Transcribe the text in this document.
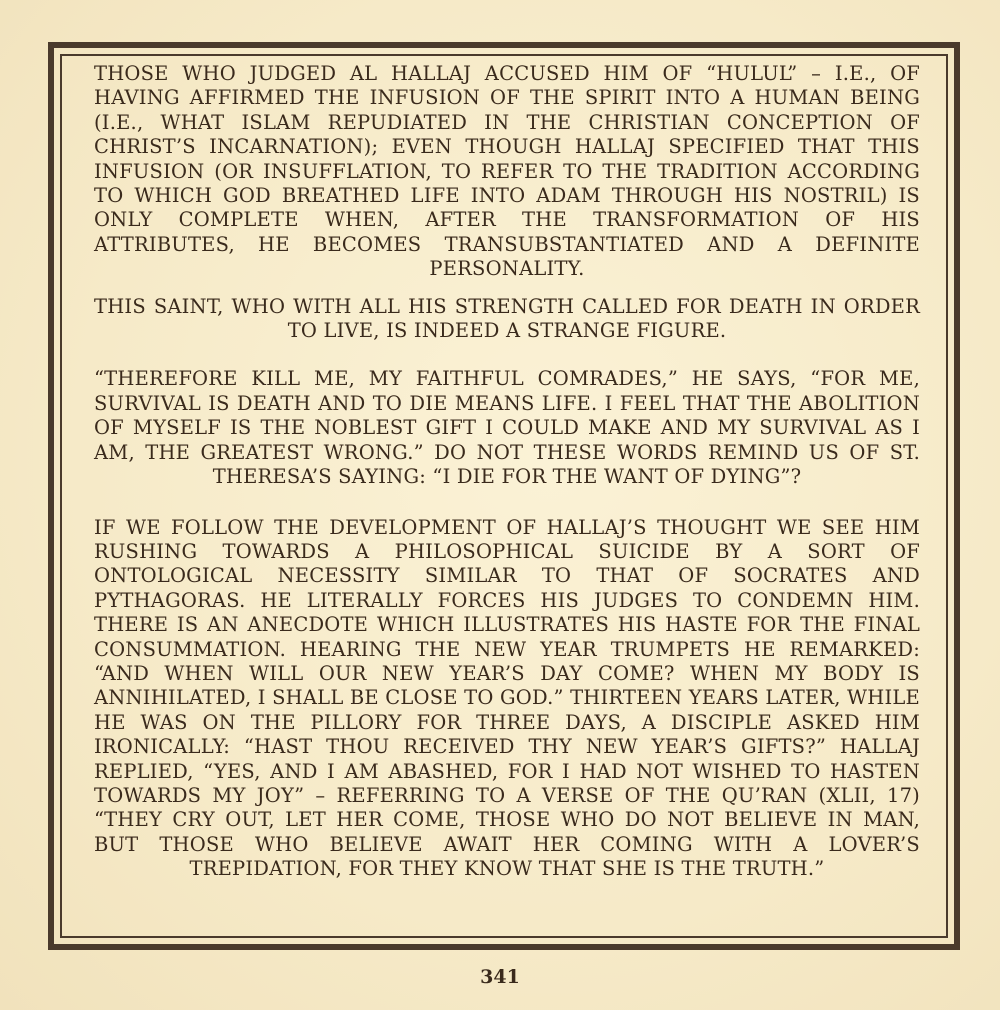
THOSE WHO JUDGED AL HALLAJ ACCUSED HIM OF “HULUL” – I.E., OF HAVING AFFIRMED THE INFUSION OF THE SPIRIT INTO A HUMAN BEING (I.E., WHAT ISLAM REPUDIATED IN THE CHRISTIAN CONCEPTION OF CHRIST’S INCARNATION); EVEN THOUGH HALLAJ SPECIFIED THAT THIS INFUSION (OR INSUFFLATION, TO REFER TO THE TRADITION ACCORDING TO WHICH GOD BREATHED LIFE INTO ADAM THROUGH HIS NOSTRIL) IS ONLY COMPLETE WHEN, AFTER THE TRANSFORMATION OF HIS ATTRIBUTES, HE BECOMES TRANSUBSTANTIATED AND A DEFINITE PERSONALITY.

THIS SAINT, WHO WITH ALL HIS STRENGTH CALLED FOR DEATH IN ORDER TO LIVE, IS INDEED A STRANGE FIGURE.

“THEREFORE KILL ME, MY FAITHFUL COMRADES,” HE SAYS, “FOR ME, SURVIVAL IS DEATH AND TO DIE MEANS LIFE. I FEEL THAT THE ABOLITION OF MYSELF IS THE NOBLEST GIFT I COULD MAKE AND MY SURVIVAL AS I AM, THE GREATEST WRONG.” DO NOT THESE WORDS REMIND US OF ST. THERESA’S SAYING: “I DIE FOR THE WANT OF DYING”?

IF WE FOLLOW THE DEVELOPMENT OF HALLAJ’S THOUGHT WE SEE HIM RUSHING TOWARDS A PHILOSOPHICAL SUICIDE BY A SORT OF ONTOLOGICAL NECESSITY SIMILAR TO THAT OF SOCRATES AND PYTHAGORAS. HE LITERALLY FORCES HIS JUDGES TO CONDEMN HIM. THERE IS AN ANECDOTE WHICH ILLUSTRATES HIS HASTE FOR THE FINAL CONSUMMATION. HEARING THE NEW YEAR TRUMPETS HE REMARKED: “AND WHEN WILL OUR NEW YEAR’S DAY COME? WHEN MY BODY IS ANNIHILATED, I SHALL BE CLOSE TO GOD.” THIRTEEN YEARS LATER, WHILE HE WAS ON THE PILLORY FOR THREE DAYS, A DISCIPLE ASKED HIM IRONICALLY: “HAST THOU RECEIVED THY NEW YEAR’S GIFTS?” HALLAJ REPLIED, “YES, AND I AM ABASHED, FOR I HAD NOT WISHED TO HASTEN TOWARDS MY JOY” – REFERRING TO A VERSE OF THE QU’RAN (XLII, 17) “THEY CRY OUT, LET HER COME, THOSE WHO DO NOT BELIEVE IN MAN, BUT THOSE WHO BELIEVE AWAIT HER COMING WITH A LOVER’S TREPIDATION, FOR THEY KNOW THAT SHE IS THE TRUTH.”

341
